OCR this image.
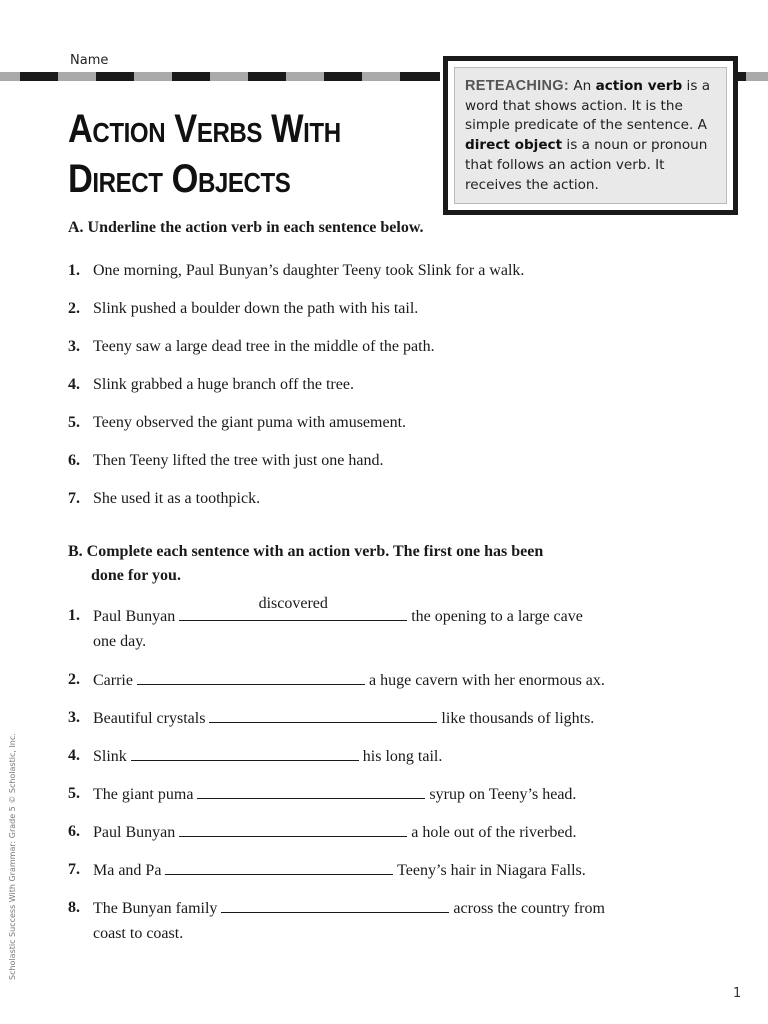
Name
Action Verbs With
Direct Objects
RETEACHING: An action verb is a word that shows action. It is the simple predicate of the sentence. A direct object is a noun or pronoun that follows an action verb. It receives the action.
A. Underline the action verb in each sentence below.
1. One morning, Paul Bunyan’s daughter Teeny took Slink for a walk.
2. Slink pushed a boulder down the path with his tail.
3. Teeny saw a large dead tree in the middle of the path.
4. Slink grabbed a huge branch off the tree.
5. Teeny observed the giant puma with amusement.
6. Then Teeny lifted the tree with just one hand.
7. She used it as a toothpick.
B. Complete each sentence with an action verb. The first one has been
done for you.
1. Paul Bunyan
discovered
the opening to a large cave
one day.
2. Carrie	a huge cavern with her enormous ax.
3. Beautiful crystals	like thousands of lights.
4. Slink	his long tail.
5. The giant puma	syrup on Teeny’s head.
6. Paul Bunyan	a hole out of the riverbed.
7. Ma and Pa	Teeny’s hair in Niagara Falls.
8. The Bunyan family	across the country from
coast to coast.
Scholastic Success With Grammar: Grade 5 © Scholastic, Inc.
1
